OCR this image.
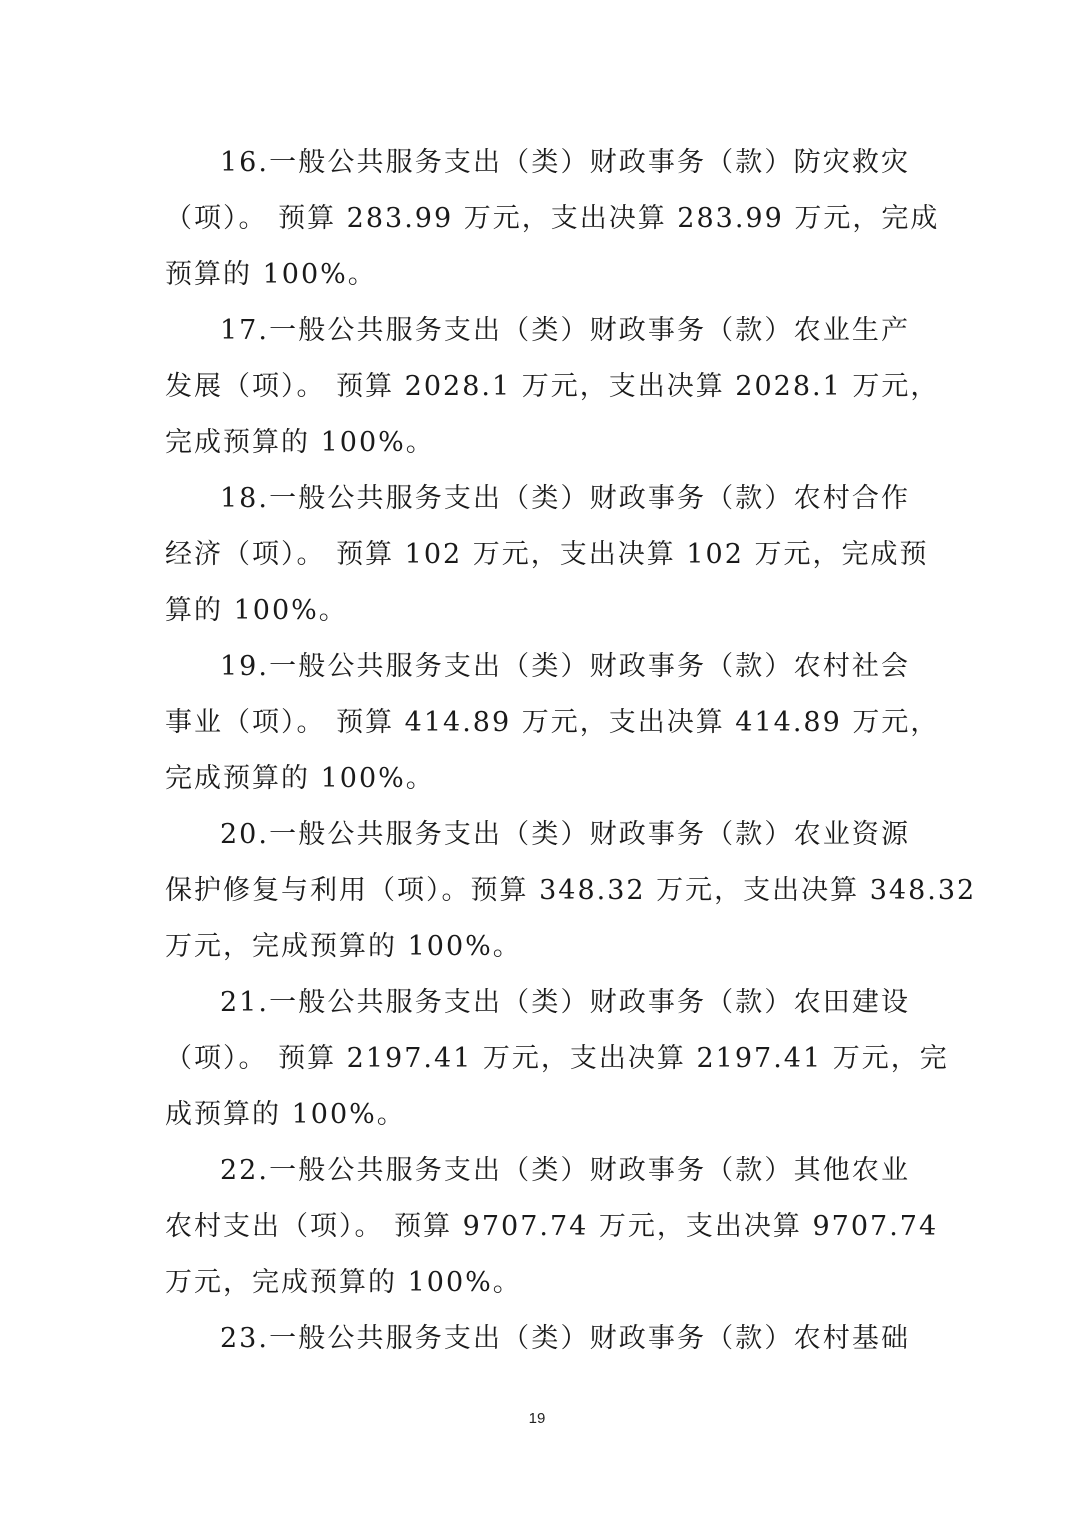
16.一般公共服务支出（类）财政事务（款）防灾救灾
（项）。 预算 283.99 万元，支出决算 283.99 万元，完成
预算的 100%。
17.一般公共服务支出（类）财政事务（款）农业生产
发展（项）。 预算 2028.1 万元，支出决算 2028.1 万元，
完成预算的 100%。
18.一般公共服务支出（类）财政事务（款）农村合作
经济（项）。 预算 102 万元，支出决算 102 万元，完成预
算的 100%。
19.一般公共服务支出（类）财政事务（款）农村社会
事业（项）。 预算 414.89 万元，支出决算 414.89 万元，
完成预算的 100%。
20.一般公共服务支出（类）财政事务（款）农业资源
保护修复与利用（项）。预算 348.32 万元，支出决算 348.32
万元，完成预算的 100%。
21.一般公共服务支出（类）财政事务（款）农田建设
（项）。 预算 2197.41 万元，支出决算 2197.41 万元，完
成预算的 100%。
22.一般公共服务支出（类）财政事务（款）其他农业
农村支出（项）。 预算 9707.74 万元，支出决算 9707.74
万元，完成预算的 100%。
23.一般公共服务支出（类）财政事务（款）农村基础
19
